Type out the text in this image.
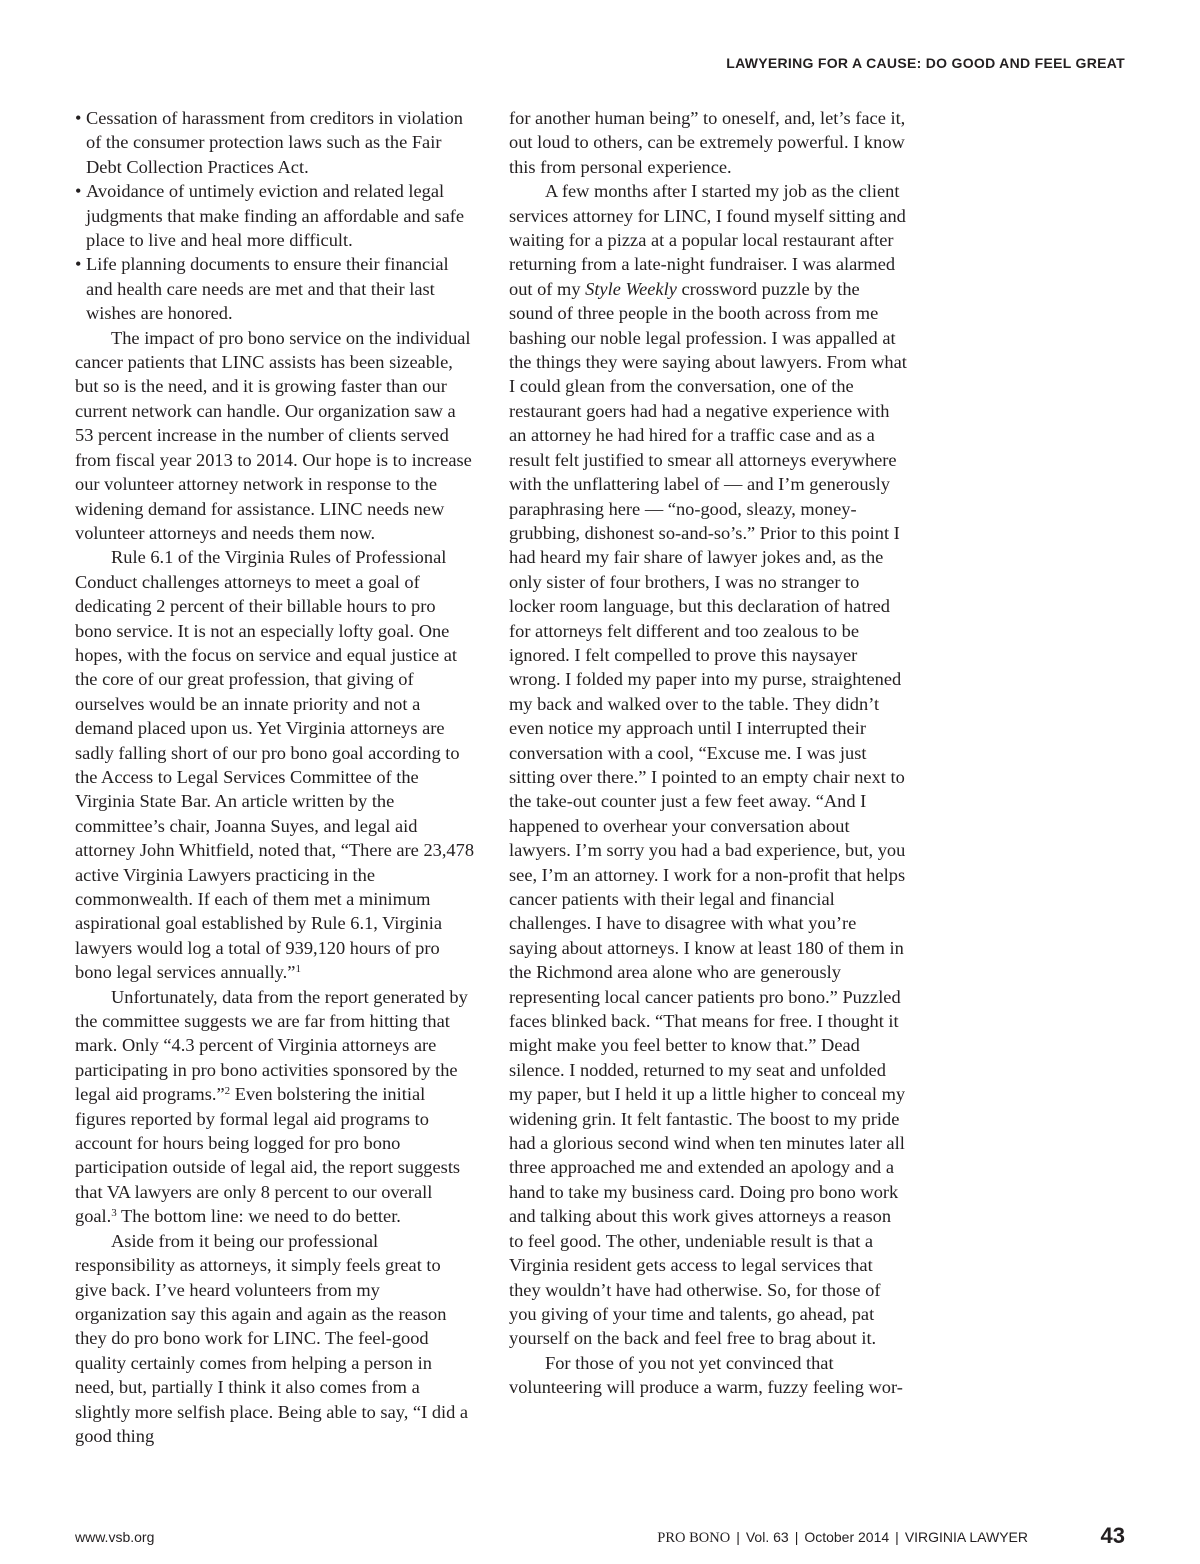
LAWYERING FOR A CAUSE: DO GOOD AND FEEL GREAT
• Cessation of harassment from creditors in violation of the consumer protection laws such as the Fair Debt Collection Practices Act.
• Avoidance of untimely eviction and related legal judgments that make finding an affordable and safe place to live and heal more difficult.
• Life planning documents to ensure their financial and health care needs are met and that their last wishes are honored.

The impact of pro bono service on the individual cancer patients that LINC assists has been sizeable, but so is the need, and it is growing faster than our current network can handle. Our organization saw a 53 percent increase in the number of clients served from fiscal year 2013 to 2014. Our hope is to increase our volunteer attorney network in response to the widening demand for assistance. LINC needs new volunteer attorneys and needs them now.

Rule 6.1 of the Virginia Rules of Professional Conduct challenges attorneys to meet a goal of dedicating 2 percent of their billable hours to pro bono service. It is not an especially lofty goal. One hopes, with the focus on service and equal justice at the core of our great profession, that giving of ourselves would be an innate priority and not a demand placed upon us. Yet Virginia attorneys are sadly falling short of our pro bono goal according to the Access to Legal Services Committee of the Virginia State Bar. An article written by the committee’s chair, Joanna Suyes, and legal aid attorney John Whitfield, noted that, “There are 23,478 active Virginia Lawyers practicing in the commonwealth. If each of them met a minimum aspirational goal established by Rule 6.1, Virginia lawyers would log a total of 939,120 hours of pro bono legal services annually.”$^1$

Unfortunately, data from the report generated by the committee suggests we are far from hitting that mark. Only “4.3 percent of Virginia attorneys are participating in pro bono activities sponsored by the legal aid programs.”$^2$ Even bolstering the initial figures reported by formal legal aid programs to account for hours being logged for pro bono participation outside of legal aid, the report suggests that VA lawyers are only 8 percent to our overall goal.$^3$ The bottom line: we need to do better.

Aside from it being our professional responsibility as attorneys, it simply feels great to give back. I’ve heard volunteers from my organization say this again and again as the reason they do pro bono work for LINC. The feel-good quality certainly comes from helping a person in need, but, partially I think it also comes from a slightly more selfish place. Being able to say, “I did a good thing

for another human being” to oneself, and, let’s face it, out loud to others, can be extremely powerful. I know this from personal experience.

A few months after I started my job as the client services attorney for LINC, I found myself sitting and waiting for a pizza at a popular local restaurant after returning from a late-night fundraiser. I was alarmed out of my Style Weekly crossword puzzle by the sound of three people in the booth across from me bashing our noble legal profession. I was appalled at the things they were saying about lawyers. From what I could glean from the conversation, one of the restaurant goers had had a negative experience with an attorney he had hired for a traffic case and as a result felt justified to smear all attorneys everywhere with the unflattering label of — and I’m generously paraphrasing here — “no-good, sleazy, money-grubbing, dishonest so-and-so’s.” Prior to this point I had heard my fair share of lawyer jokes and, as the only sister of four brothers, I was no stranger to locker room language, but this declaration of hatred for attorneys felt different and too zealous to be ignored. I felt compelled to prove this naysayer wrong. I folded my paper into my purse, straightened my back and walked over to the table. They didn’t even notice my approach until I interrupted their conversation with a cool, “Excuse me. I was just sitting over there.” I pointed to an empty chair next to the take-out counter just a few feet away. “And I happened to overhear your conversation about lawyers. I’m sorry you had a bad experience, but, you see, I’m an attorney. I work for a non-profit that helps cancer patients with their legal and financial challenges. I have to disagree with what you’re saying about attorneys. I know at least 180 of them in the Richmond area alone who are generously representing local cancer patients pro bono.” Puzzled faces blinked back. “That means for free. I thought it might make you feel better to know that.” Dead silence. I nodded, returned to my seat and unfolded my paper, but I held it up a little higher to conceal my widening grin. It felt fantastic. The boost to my pride had a glorious second wind when ten minutes later all three approached me and extended an apology and a hand to take my business card. Doing pro bono work and talking about this work gives attorneys a reason to feel good. The other, undeniable result is that a Virginia resident gets access to legal services that they wouldn’t have had otherwise. So, for those of you giving of your time and talents, go ahead, pat yourself on the back and feel free to brag about it.

For those of you not yet convinced that volunteering will produce a warm, fuzzy feeling wor-

www.vsb.org	PRO BONO | Vol. 63 | October 2014 | VIRGINIA LAWYER	43
